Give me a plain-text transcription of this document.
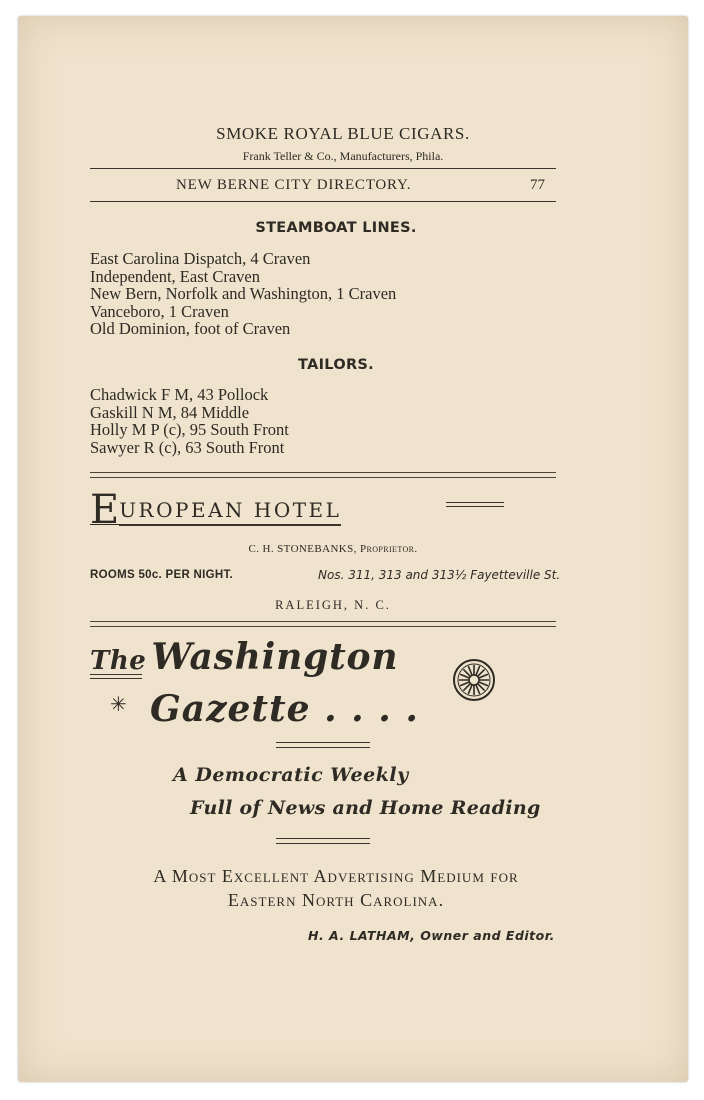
SMOKE ROYAL BLUE CIGARS.
Frank Teller & Co., Manufacturers, Phila.
NEW BERNE CITY DIRECTORY.	77
STEAMBOAT LINES.
East Carolina Dispatch, 4 Craven
Independent, East Craven
New Bern, Norfolk and Washington, 1 Craven
Vanceboro, 1 Craven
Old Dominion, foot of Craven
TAILORS.
Chadwick F M, 43 Pollock
Gaskill N M, 84 Middle
Holly M P (c), 95 South Front
Sawyer R (c), 63 South Front
EUROPEAN HOTEL
C. H. STONEBANKS, Proprietor.
ROOMS 50c. PER NIGHT.	Nos. 311, 313 and 313½ Fayetteville St.
RALEIGH, N. C.
The Washington
✳ Gazette . . . .
A Democratic Weekly
Full of News and Home Reading
A Most Excellent Advertising Medium for
Eastern North Carolina.
H. A. LATHAM, Owner and Editor.
